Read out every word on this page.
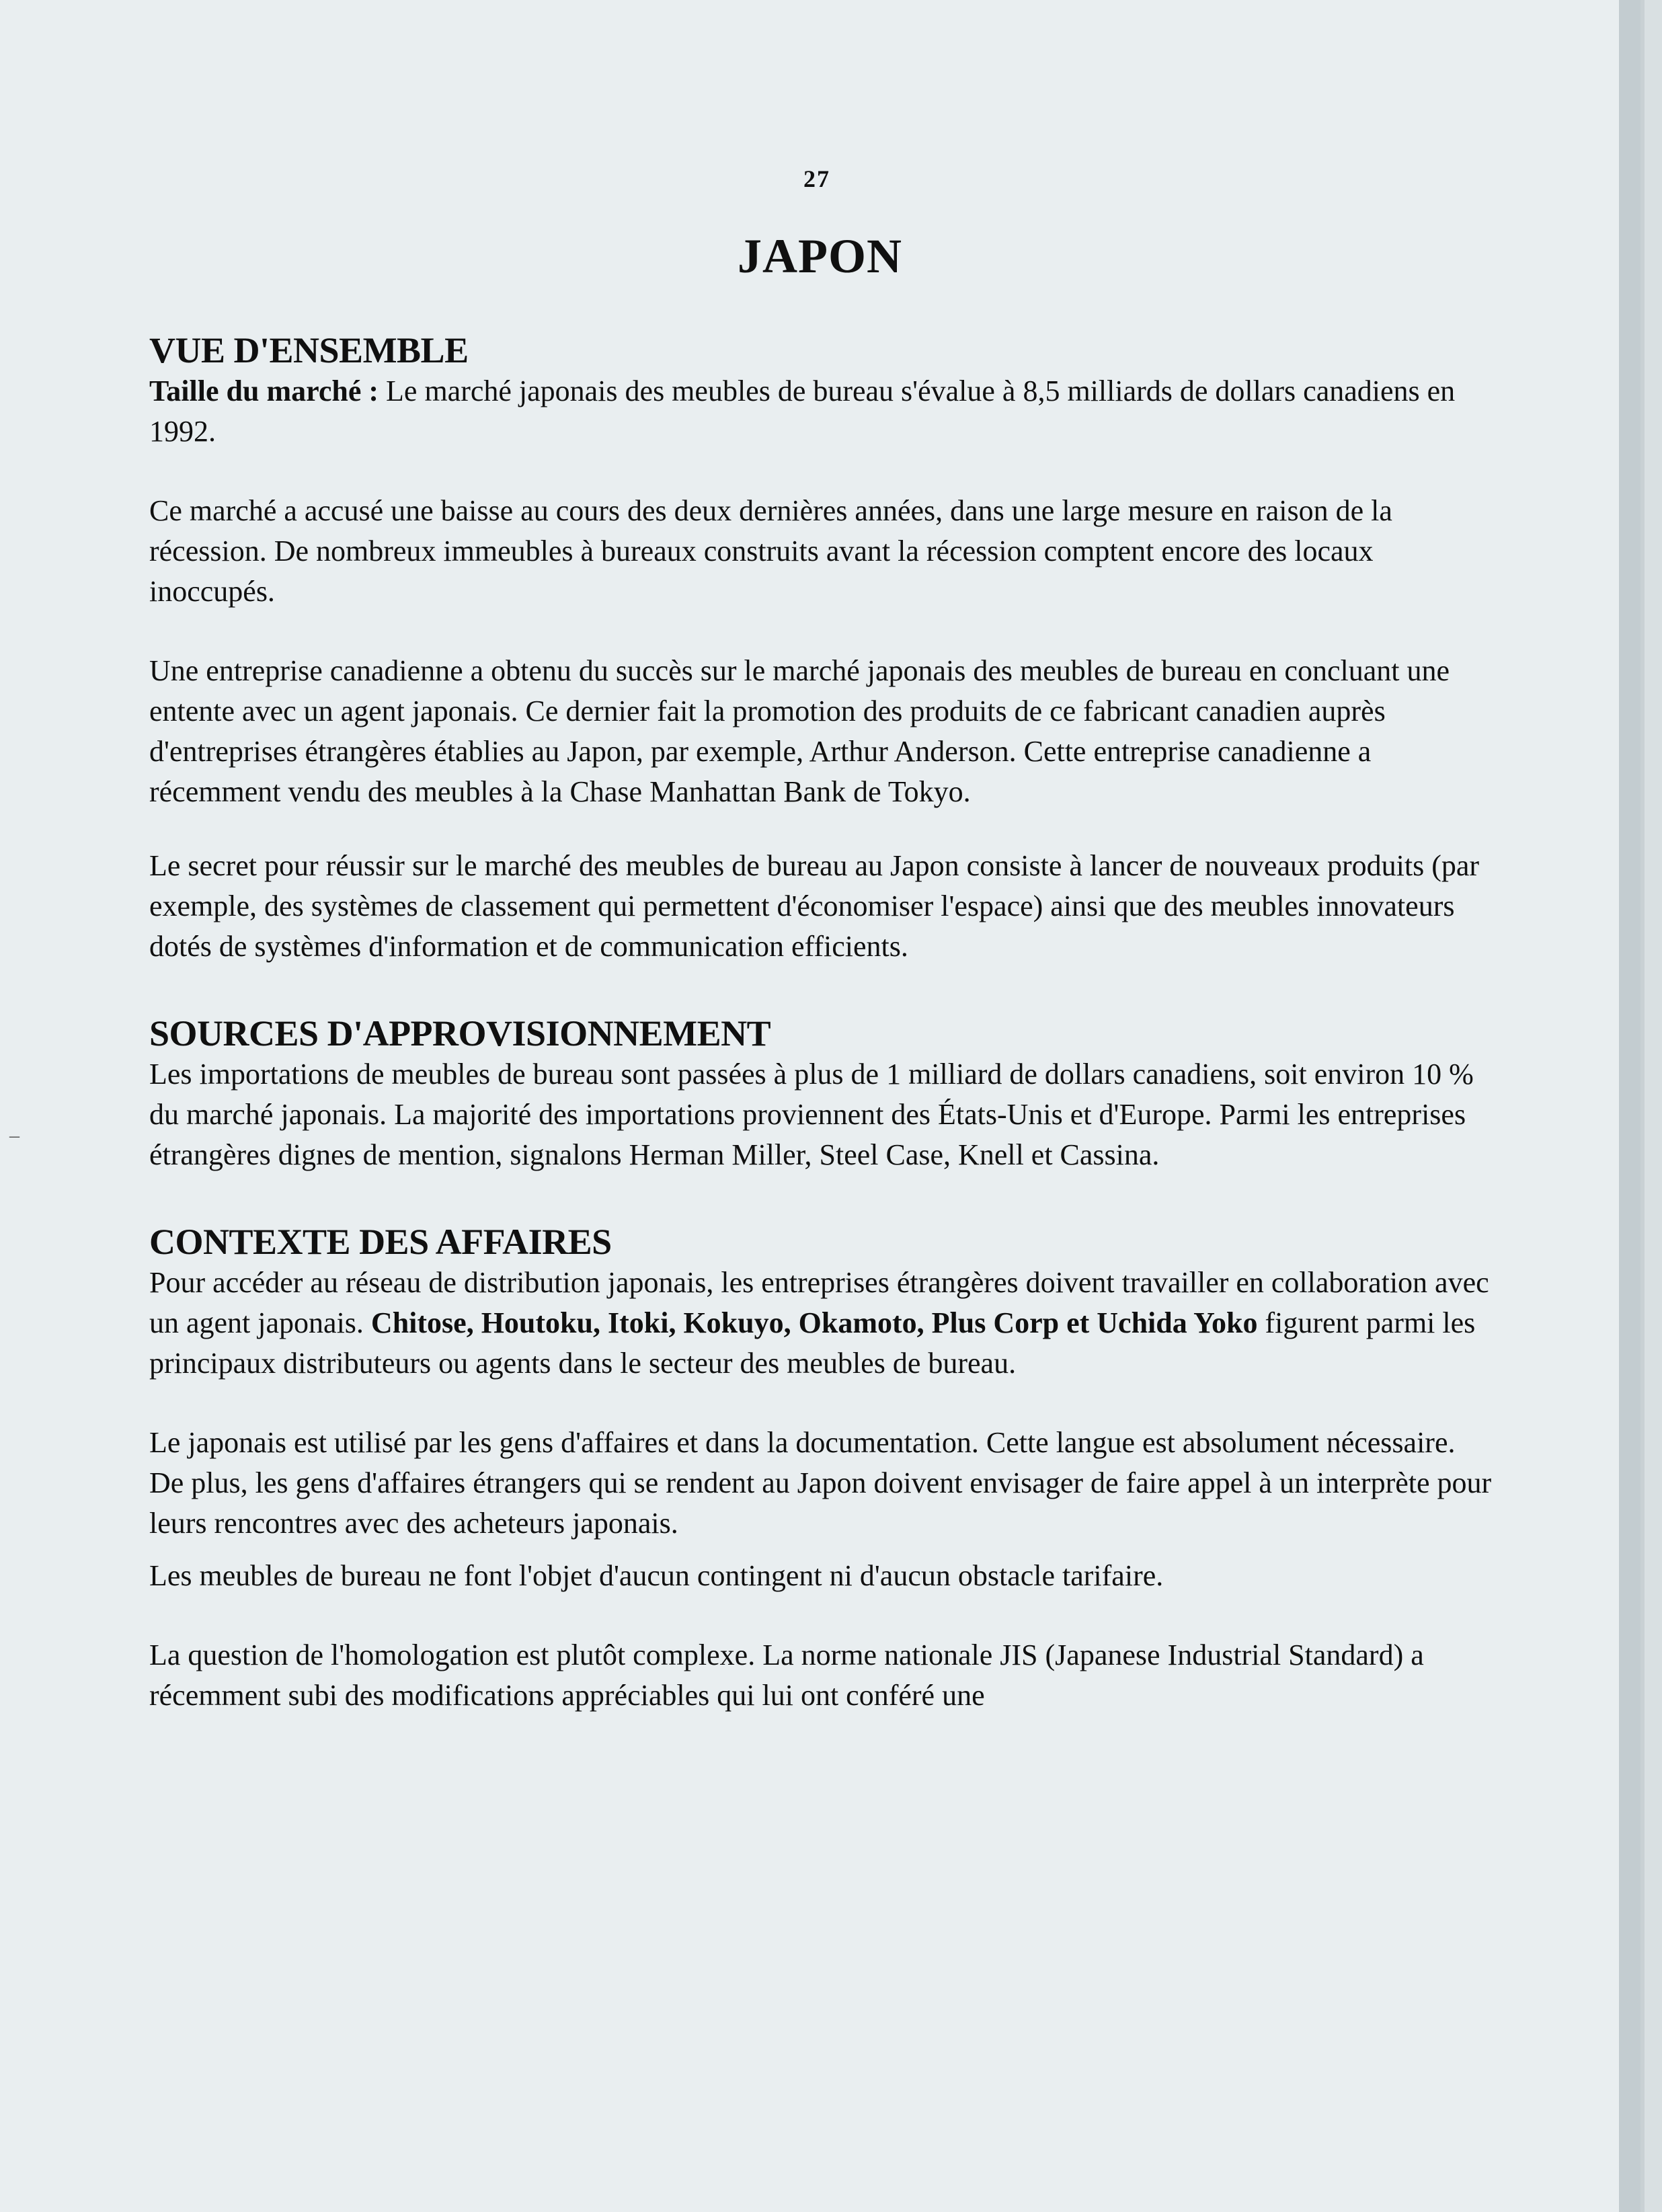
27
JAPON
–
VUE D'ENSEMBLE

Taille du marché : Le marché japonais des meubles de bureau s'évalue à 8,5 milliards de dollars canadiens en 1992.

Ce marché a accusé une baisse au cours des deux dernières années, dans une large mesure en raison de la récession. De nombreux immeubles à bureaux construits avant la récession comptent encore des locaux inoccupés.

Une entreprise canadienne a obtenu du succès sur le marché japonais des meubles de bureau en concluant une entente avec un agent japonais. Ce dernier fait la promotion des produits de ce fabricant canadien auprès d'entreprises étrangères établies au Japon, par exemple, Arthur Anderson. Cette entreprise canadienne a récemment vendu des meubles à la Chase Manhattan Bank de Tokyo.

Le secret pour réussir sur le marché des meubles de bureau au Japon consiste à lancer de nouveaux produits (par exemple, des systèmes de classement qui permettent d'économiser l'espace) ainsi que des meubles innovateurs dotés de systèmes d'information et de communication efficients.

SOURCES D'APPROVISIONNEMENT

Les importations de meubles de bureau sont passées à plus de 1 milliard de dollars canadiens, soit environ 10 % du marché japonais. La majorité des importations proviennent des États-Unis et d'Europe. Parmi les entreprises étrangères dignes de mention, signalons Herman Miller, Steel Case, Knell et Cassina.

CONTEXTE DES AFFAIRES

Pour accéder au réseau de distribution japonais, les entreprises étrangères doivent travailler en collaboration avec un agent japonais. Chitose, Houtoku, Itoki, Kokuyo, Okamoto, Plus Corp et Uchida Yoko figurent parmi les principaux distributeurs ou agents dans le secteur des meubles de bureau.

Le japonais est utilisé par les gens d'affaires et dans la documentation. Cette langue est absolument nécessaire. De plus, les gens d'affaires étrangers qui se rendent au Japon doivent envisager de faire appel à un interprète pour leurs rencontres avec des acheteurs japonais.

Les meubles de bureau ne font l'objet d'aucun contingent ni d'aucun obstacle tarifaire.

La question de l'homologation est plutôt complexe. La norme nationale JIS (Japanese Industrial Standard) a récemment subi des modifications appréciables qui lui ont conféré une
